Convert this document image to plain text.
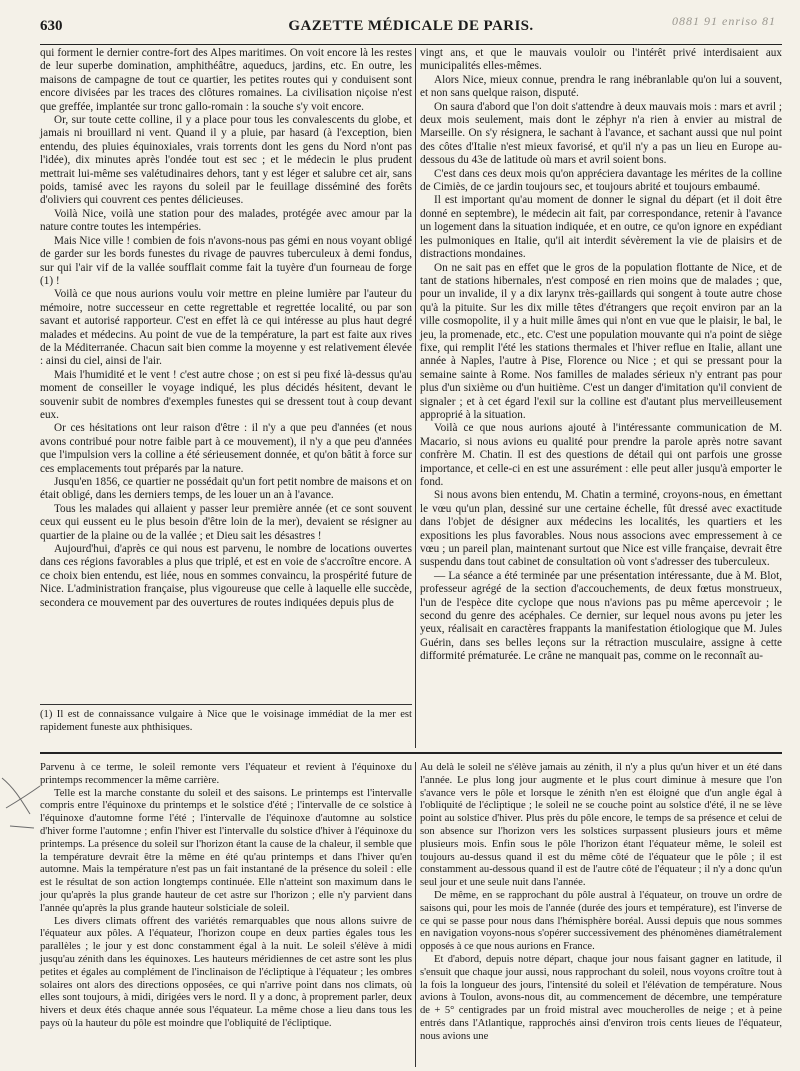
630	GAZETTE MÉDICALE DE PARIS.	0881 91 enriso 81

qui forment le dernier contre-fort des Alpes maritimes. On voit encore là les restes de leur superbe domination, amphithéâtre, aqueducs, jardins, etc. En outre, les maisons de campagne de tout ce quartier, les petites routes qui y conduisent sont encore divisées par les traces des clôtures romaines. La civilisation niçoise n'est que greffée, implantée sur tronc gallo-romain : la souche s'y voit encore.

Or, sur toute cette colline, il y a place pour tous les convalescents du globe, et jamais ni brouillard ni vent. Quand il y a pluie, par hasard (à l'exception, bien entendu, des pluies équinoxiales, vrais torrents dont les gens du Nord n'ont pas l'idée), dix minutes après l'ondée tout est sec ; et le médecin le plus prudent mettrait lui-même ses valétudinaires dehors, tant y est léger et salubre cet air, sans poids, tamisé avec les rayons du soleil par le feuillage disséminé des forêts d'oliviers qui couvrent ces pentes délicieuses.

Voilà Nice, voilà une station pour des malades, protégée avec amour par la nature contre toutes les intempéries.

Mais Nice ville ! combien de fois n'avons-nous pas gémi en nous voyant obligé de garder sur les bords funestes du rivage de pauvres tuberculeux à demi fondus, sur qui l'air vif de la vallée soufflait comme fait la tuyère d'un fourneau de forge (1) !

Voilà ce que nous aurions voulu voir mettre en pleine lumière par l'auteur du mémoire, notre successeur en cette regrettable et regrettée localité, ou par son savant et autorisé rapporteur. C'est en effet là ce qui intéresse au plus haut degré malades et médecins. Au point de vue de la température, la part est faite aux rives de la Méditerranée. Chacun sait bien comme la moyenne y est relativement élevée : ainsi du ciel, ainsi de l'air.

Mais l'humidité et le vent ! c'est autre chose ; on est si peu fixé là-dessus qu'au moment de conseiller le voyage indiqué, les plus décidés hésitent, devant le souvenir subit de nombres d'exemples funestes qui se dressent tout à coup devant eux.

Or ces hésitations ont leur raison d'être : il n'y a que peu d'années (et nous avons contribué pour notre faible part à ce mouvement), il n'y a que peu d'années que l'impulsion vers la colline a été sérieusement donnée, et qu'on bâtit à force sur ces emplacements tout préparés par la nature.

Jusqu'en 1856, ce quartier ne possédait qu'un fort petit nombre de maisons et on était obligé, dans les derniers temps, de les louer un an à l'avance.

Tous les malades qui allaient y passer leur première année (et ce sont souvent ceux qui eussent eu le plus besoin d'être loin de la mer), devaient se résigner au quartier de la plaine ou de la vallée ; et Dieu sait les désastres !

Aujourd'hui, d'après ce qui nous est parvenu, le nombre de locations ouvertes dans ces régions favorables a plus que triplé, et est en voie de s'accroître encore. A ce choix bien entendu, est liée, nous en sommes convaincu, la prospérité future de Nice. L'administration française, plus vigoureuse que celle à laquelle elle succède, secondera ce mouvement par des ouvertures de routes indiquées depuis plus de

(1) Il est de connaissance vulgaire à Nice que le voisinage immédiat de la mer est rapidement funeste aux phthisiques.

vingt ans, et que le mauvais vouloir ou l'intérêt privé interdisaient aux municipalités elles-mêmes.

Alors Nice, mieux connue, prendra le rang inébranlable qu'on lui a souvent, et non sans quelque raison, disputé.

On saura d'abord que l'on doit s'attendre à deux mauvais mois : mars et avril ; deux mois seulement, mais dont le zéphyr n'a rien à envier au mistral de Marseille. On s'y résignera, le sachant à l'avance, et sachant aussi que nul point des côtes d'Italie n'est mieux favorisé, et qu'il n'y a pas un lieu en Europe au-dessous du 43e de latitude où mars et avril soient bons.

C'est dans ces deux mois qu'on appréciera davantage les mérites de la colline de Cimiès, de ce jardin toujours sec, et toujours abrité et toujours embaumé.

Il est important qu'au moment de donner le signal du départ (et il doit être donné en septembre), le médecin ait fait, par correspondance, retenir à l'avance un logement dans la situation indiquée, et en outre, ce qu'on ignore en expédiant les pulmoniques en Italie, qu'il ait interdit sévèrement la vie de plaisirs et de distractions mondaines.

On ne sait pas en effet que le gros de la population flottante de Nice, et de tant de stations hibernales, n'est composé en rien moins que de malades ; que, pour un invalide, il y a dix larynx très-gaillards qui songent à toute autre chose qu'à la pituite. Sur les dix mille têtes d'étrangers que reçoit environ par an la ville cosmopolite, il y a huit mille âmes qui n'ont en vue que le plaisir, le bal, le jeu, la promenade, etc., etc. C'est une population mouvante qui n'a point de siège fixe, qui remplit l'été les stations thermales et l'hiver reflue en Italie, allant une année à Naples, l'autre à Pise, Florence ou Nice ; et qui se pressant pour la semaine sainte à Rome. Nos familles de malades sérieux n'y entrant pas pour plus d'un sixième ou d'un huitième. C'est un danger d'imitation qu'il convient de signaler ; et à cet égard l'exil sur la colline est d'autant plus merveilleusement approprié à la situation.

Voilà ce que nous aurions ajouté à l'intéressante communication de M. Macario, si nous avions eu qualité pour prendre la parole après notre savant confrère M. Chatin. Il est des questions de détail qui ont parfois une grosse importance, et celle-ci en est une assurément : elle peut aller jusqu'à emporter le fond.

Si nous avons bien entendu, M. Chatin a terminé, croyons-nous, en émettant le vœu qu'un plan, dessiné sur une certaine échelle, fût dressé avec exactitude dans l'objet de désigner aux médecins les localités, les quartiers et les expositions les plus favorables. Nous nous associons avec empressement à ce vœu ; un pareil plan, maintenant surtout que Nice est ville française, devrait être suspendu dans tout cabinet de consultation où vont s'adresser des tuberculeux.

— La séance a été terminée par une présentation intéressante, due à M. Blot, professeur agrégé de la section d'accouchements, de deux fœtus monstrueux, l'un de l'espèce dite cyclope que nous n'avions pas pu même apercevoir ; le second du genre des acéphales. Ce dernier, sur lequel nous avons pu jeter les yeux, réalisait en caractères frappants la manifestation étiologique que M. Jules Guérin, dans ses belles leçons sur la rétraction musculaire, assigne à cette difformité prématurée. Le crâne ne manquait pas, comme on le reconnaît au-

Parvenu à ce terme, le soleil remonte vers l'équateur et revient à l'équinoxe du printemps recommencer la même carrière.

Telle est la marche constante du soleil et des saisons. Le printemps est l'intervalle compris entre l'équinoxe du printemps et le solstice d'été ; l'intervalle de ce solstice à l'équinoxe d'automne forme l'été ; l'intervalle de l'équinoxe d'automne au solstice d'hiver forme l'automne ; enfin l'hiver est l'intervalle du solstice d'hiver à l'équinoxe du printemps. La présence du soleil sur l'horizon étant la cause de la chaleur, il semble que la température devrait être la même en été qu'au printemps et dans l'hiver qu'en automne. Mais la température n'est pas un fait instantané de la présence du soleil : elle est le résultat de son action longtemps continuée. Elle n'atteint son maximum dans le jour qu'après la plus grande hauteur de cet astre sur l'horizon ; elle n'y parvient dans l'année qu'après la plus grande hauteur solsticiale de soleil.

Les divers climats offrent des variétés remarquables que nous allons suivre de l'équateur aux pôles. A l'équateur, l'horizon coupe en deux parties égales tous les parallèles ; le jour y est donc constamment égal à la nuit. Le soleil s'élève à midi jusqu'au zénith dans les équinoxes. Les hauteurs méridiennes de cet astre sont les plus petites et égales au complément de l'inclinaison de l'écliptique à l'équateur ; les ombres solaires ont alors des directions opposées, ce qui n'arrive point dans nos climats, où elles sont toujours, à midi, dirigées vers le nord. Il y a donc, à proprement parler, deux hivers et deux étés chaque année sous l'équateur. La même chose a lieu dans tous les pays où la hauteur du pôle est moindre que l'obliquité de l'écliptique.

Au delà le soleil ne s'élève jamais au zénith, il n'y a plus qu'un hiver et un été dans l'année. Le plus long jour augmente et le plus court diminue à mesure que l'on s'avance vers le pôle et lorsque le zénith n'en est éloigné que d'un angle égal à l'obliquité de l'écliptique ; le soleil ne se couche point au solstice d'été, il ne se lève point au solstice d'hiver. Plus près du pôle encore, le temps de sa présence et celui de son absence sur l'horizon vers les solstices surpassent plusieurs jours et même plusieurs mois. Enfin sous le pôle l'horizon étant l'équateur même, le soleil est toujours au-dessus quand il est du même côté de l'équateur que le pôle ; il est constamment au-dessous quand il est de l'autre côté de l'équateur ; il n'y a donc qu'un seul jour et une seule nuit dans l'année.

De même, en se rapprochant du pôle austral à l'équateur, on trouve un ordre de saisons qui, pour les mois de l'année (durée des jours et température), est l'inverse de ce qui se passe pour nous dans l'hémisphère boréal. Aussi depuis que nous sommes en navigation voyons-nous s'opérer successivement des phénomènes diamétralement opposés à ce que nous aurions en France.

Et d'abord, depuis notre départ, chaque jour nous faisant gagner en latitude, il s'ensuit que chaque jour aussi, nous rapprochant du soleil, nous voyons croître tout à la fois la longueur des jours, l'intensité du soleil et l'élévation de température. Nous avions à Toulon, avons-nous dit, au commencement de décembre, une température de + 5° centigrades par un froid mistral avec moucherolles de neige ; et à peine entrés dans l'Atlantique, rapprochés ainsi d'environ trois cents lieues de l'équateur, nous avions une
